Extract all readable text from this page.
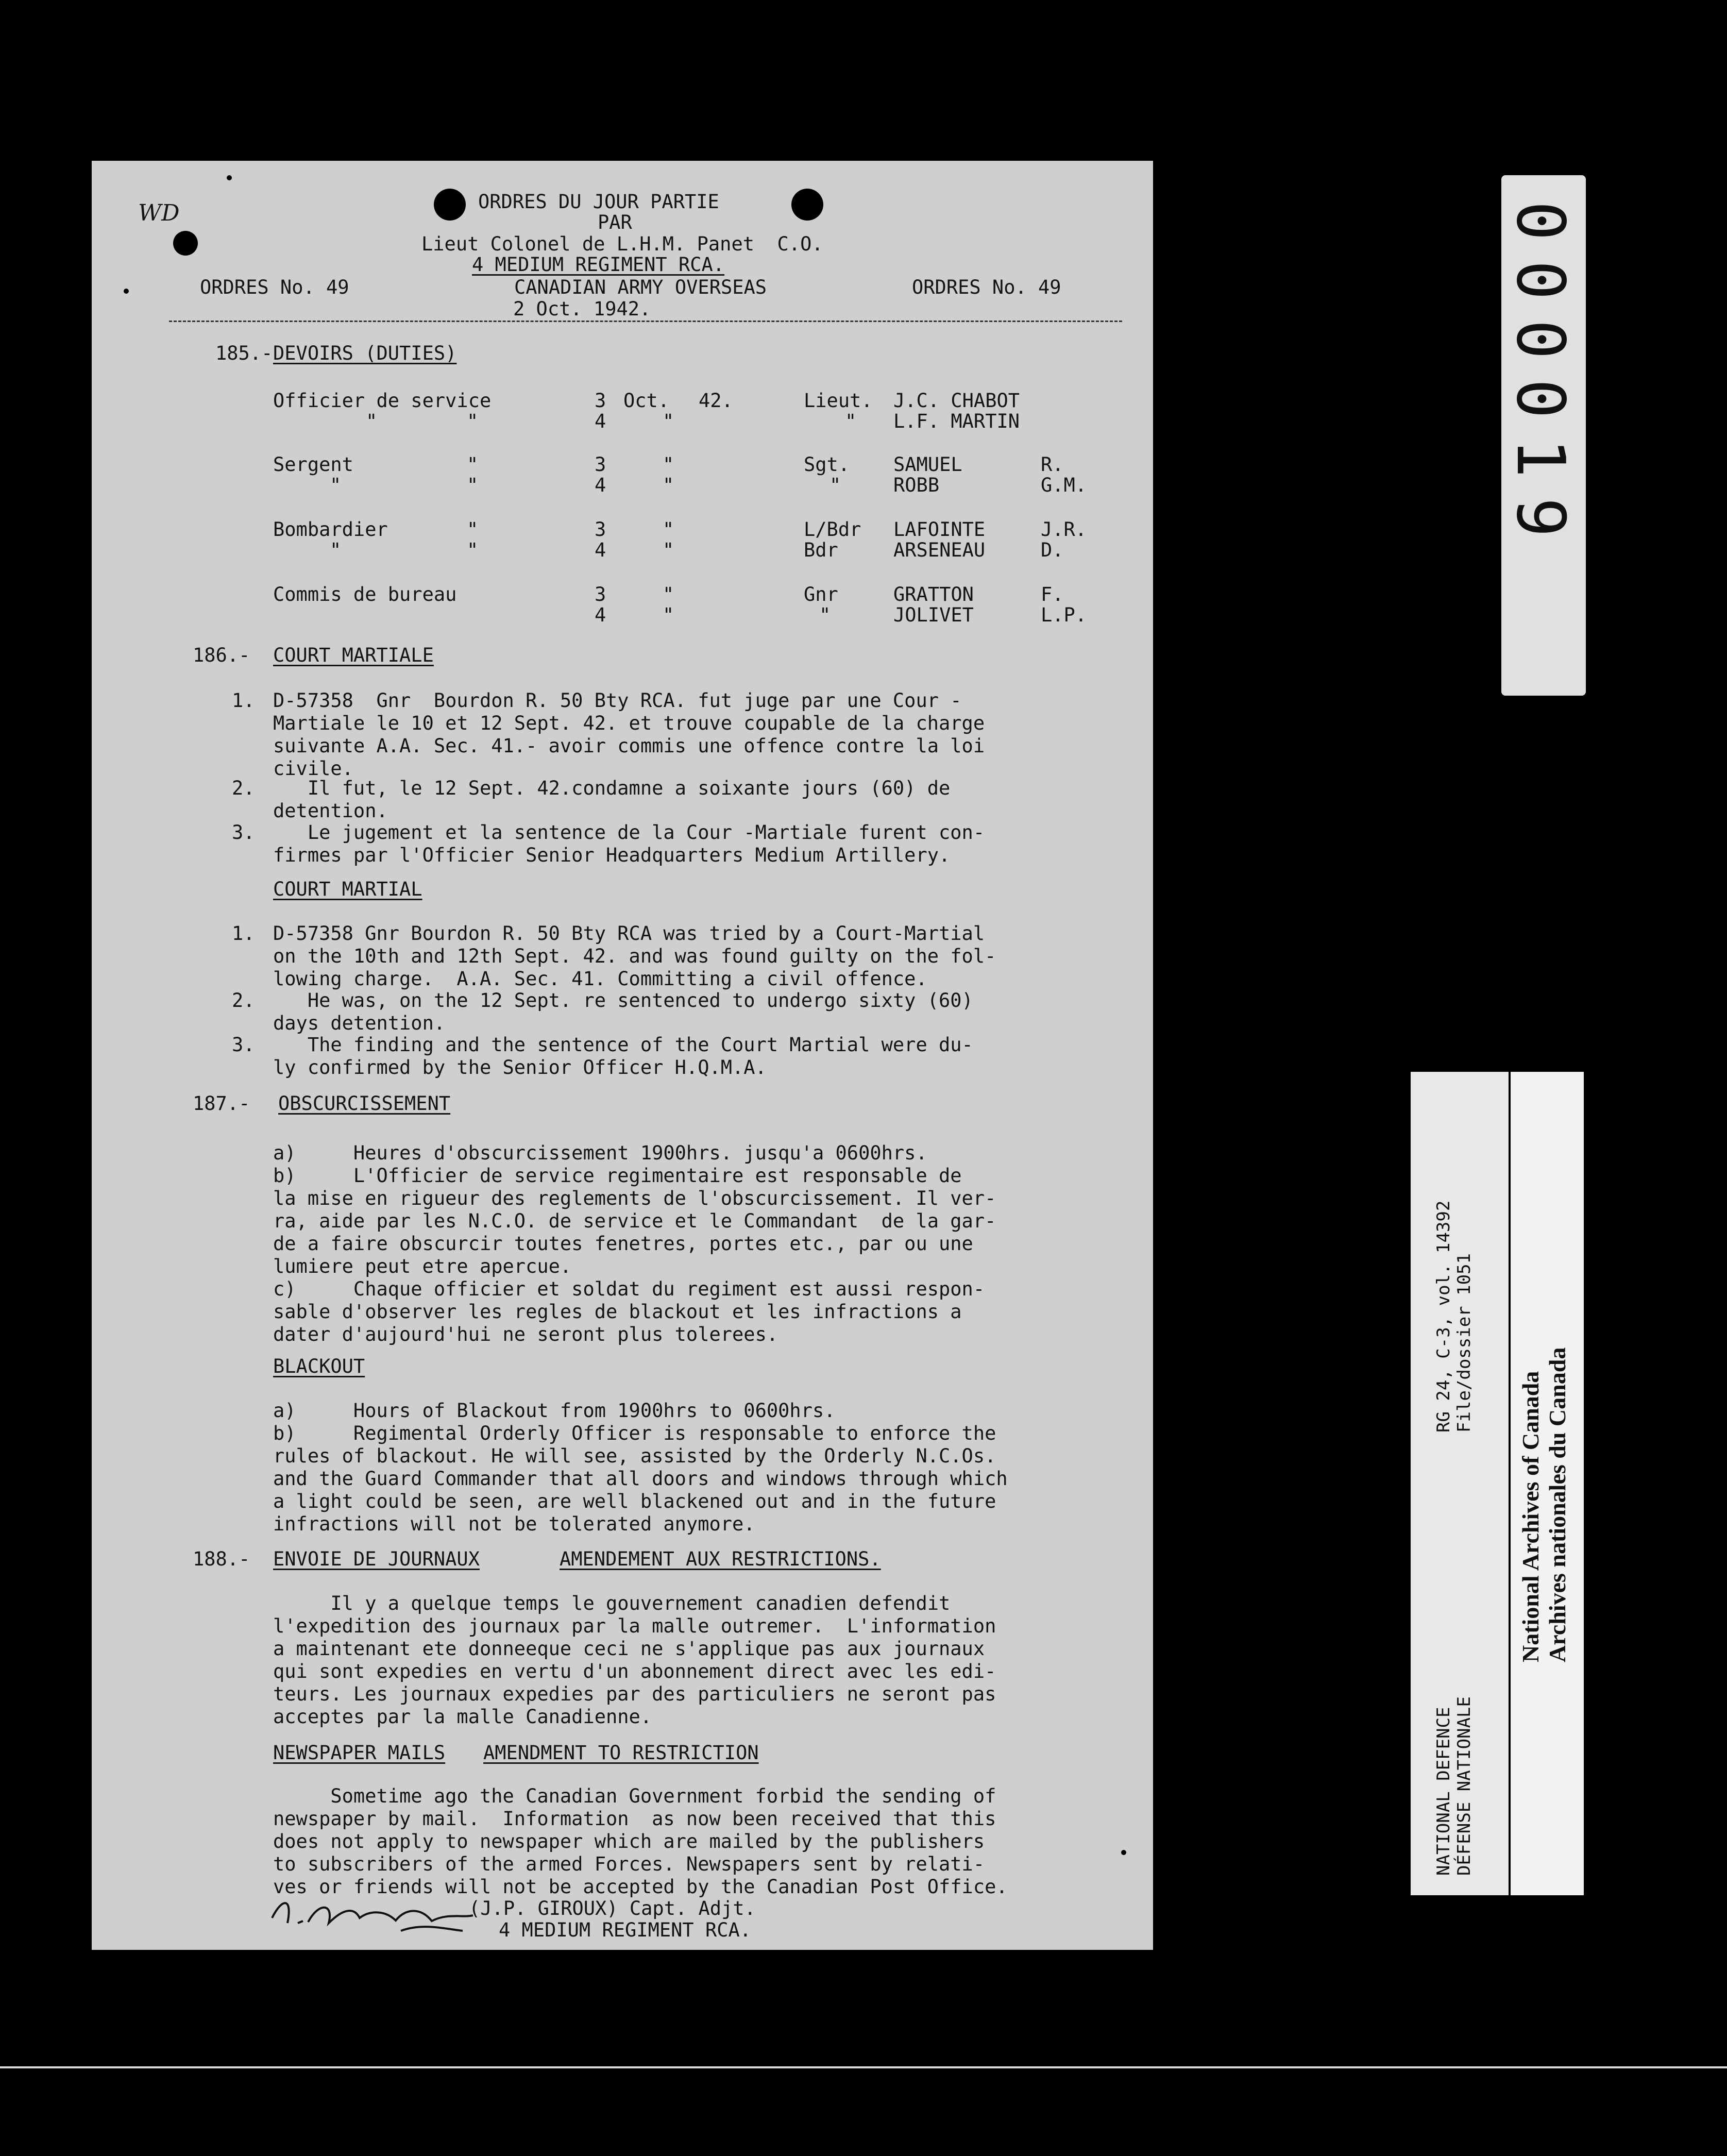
WD	ORDRES DU JOUR PARTIE
PAR
Lieut Colonel de L.H.M. Panet  C.O.
4 MEDIUM REGIMENT RCA.
ORDRES No. 49	CANADIAN ARMY OVERSEAS	ORDRES No. 49
2 Oct. 1942.
185.- DEVOIRS (DUTIES)
Officier de service	3 Oct. 42.	Lieut. J.C. CHABOT
"	"	4	"	" L.F. MARTIN
Sergent	"	3	"	Sgt. SAMUEL	R.
"	"	4	"	"	ROBB	G.M.
Bombardier	"	3	"	L/Bdr LAFOINTE	J.R.
"	"	4	"	Bdr	ARSENEAU	D.
Commis de bureau	3	"	Gnr	GRATTON	F.
4	"	"	JOLIVET	L.P.
186.- COURT MARTIALE
1. D-57358  Gnr  Bourdon R. 50 Bty RCA. fut juge par une Cour -
Martiale le 10 et 12 Sept. 42. et trouve coupable de la charge
suivante A.A. Sec. 41.- avoir commis une offence contre la loi
civile.
2.	Il fut, le 12 Sept. 42.condamne a soixante jours (60) de
detention.
3.	Le jugement et la sentence de la Cour -Martiale furent con-
firmes par l'Officier Senior Headquarters Medium Artillery.
COURT MARTIAL
1. D-57358 Gnr Bourdon R. 50 Bty RCA was tried by a Court-Martial
on the 10th and 12th Sept. 42. and was found guilty on the fol-
lowing charge.  A.A. Sec. 41. Committing a civil offence.
2.	He was, on the 12 Sept. re sentenced to undergo sixty (60)
days detention.
3.	The finding and the sentence of the Court Martial were du-
ly confirmed by the Senior Officer H.Q.M.A.
187.- OBSCURCISSEMENT
a)     Heures d'obscurcissement 1900hrs. jusqu'a 0600hrs.
b)     L'Officier de service regimentaire est responsable de
la mise en rigueur des reglements de l'obscurcissement. Il ver-
ra, aide par les N.C.O. de service et le Commandant  de la gar-
de a faire obscurcir toutes fenetres, portes etc., par ou une
lumiere peut etre apercue.
c)     Chaque officier et soldat du regiment est aussi respon-
sable d'observer les regles de blackout et les infractions a
dater d'aujourd'hui ne seront plus tolerees.
BLACKOUT
a)     Hours of Blackout from 1900hrs to 0600hrs.
b)     Regimental Orderly Officer is responsable to enforce the
rules of blackout. He will see, assisted by the Orderly N.C.Os.
and the Guard Commander that all doors and windows through which
a light could be seen, are well blackened out and in the future
infractions will not be tolerated anymore.
188.- ENVOIE DE JOURNAUX	AMENDEMENT AUX RESTRICTIONS.
Il y a quelque temps le gouvernement canadien defendit
l'expedition des journaux par la malle outremer.  L'information
a maintenant ete donneeque ceci ne s'applique pas aux journaux
qui sont expedies en vertu d'un abonnement direct avec les edi-
teurs. Les journaux expedies par des particuliers ne seront pas
acceptes par la malle Canadienne.
NEWSPAPER MAILS AMENDMENT TO RESTRICTION
Sometime ago the Canadian Government forbid the sending of
newspaper by mail.  Information  as now been received that this
does not apply to newspaper which are mailed by the publishers
to subscribers of the armed Forces. Newspapers sent by relati-
ves or friends will not be accepted by the Canadian Post Office.
(J.P. GIROUX) Capt. Adjt.
4 MEDIUM REGIMENT RCA.
000019
RG 24, C-3, vol. 14392 File/dossier 1051
NATIONAL DEFENCE DÉFENSE NATIONALE
National Archives of Canada Archives nationales du Canada
